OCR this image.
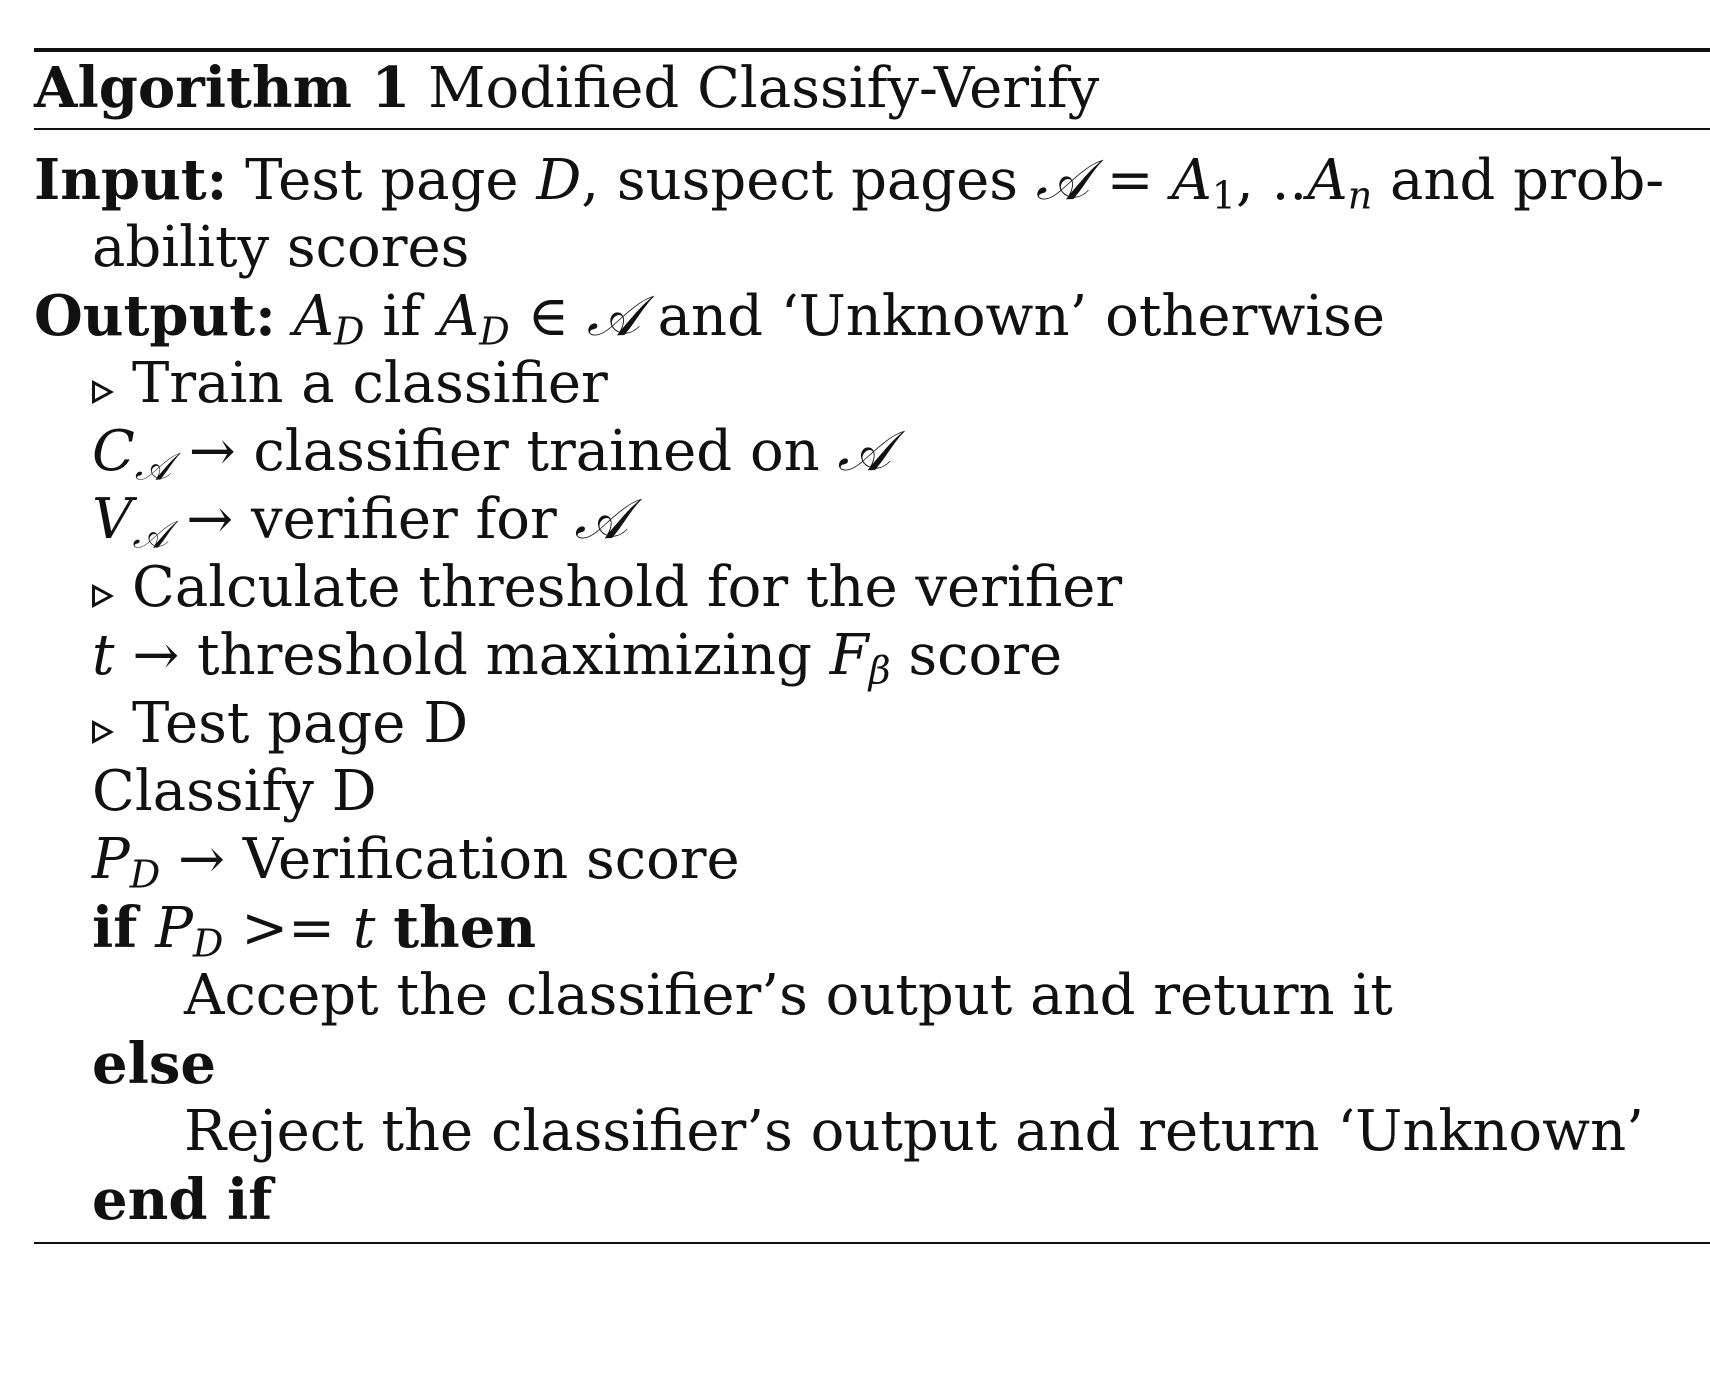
Algorithm 1 Modified Classify-Verify
Input: Test page D, suspect pages 𝒜 = A1, $..A_n$ and prob-
ability scores
Output: $A_D$ if $A_D$ ∈ 𝒜 and ‘Unknown’ otherwise
Train a classifier
$C_𝒜$ → classifier trained on 𝒜
$V_𝒜$ → verifier for 𝒜
Calculate threshold for the verifier
t → threshold maximizing $F_\beta$ score
Test page D
Classify D
$P_D$ → Verification score
if $P_D >= t$ then
Accept the classifier’s output and return it
else
Reject the classifier’s output and return ‘Unknown’
end if
